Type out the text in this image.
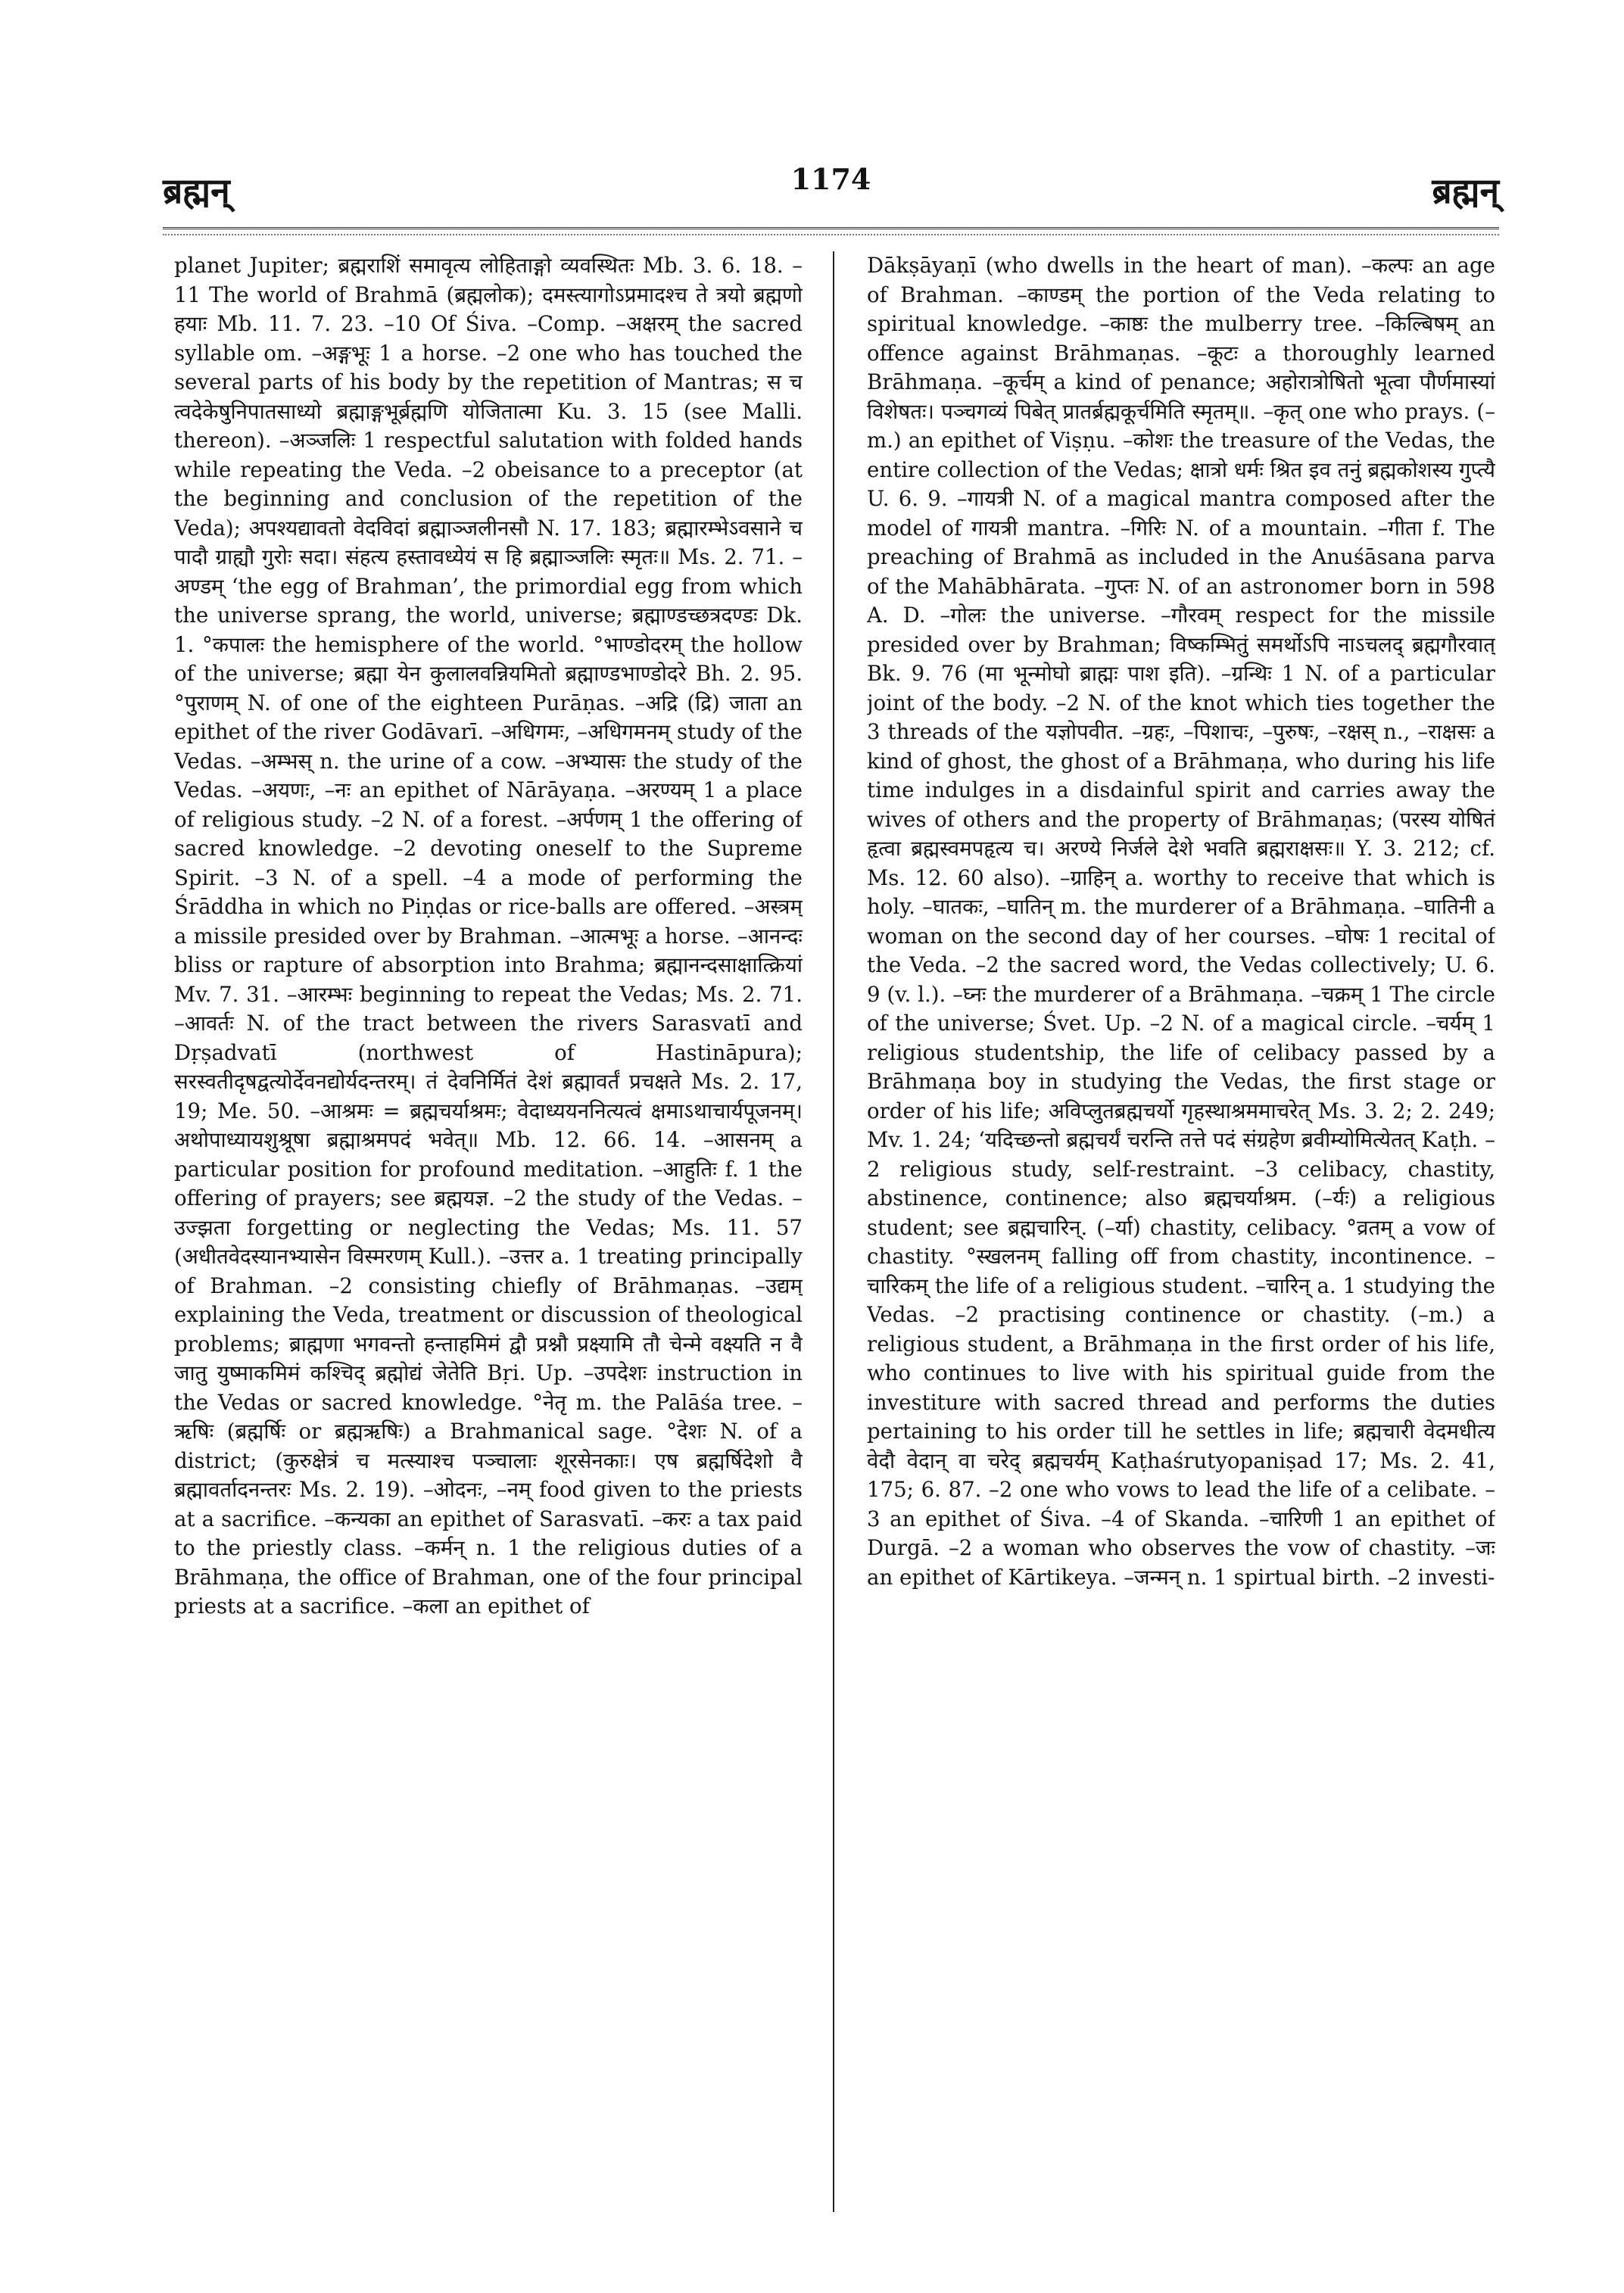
ब्रह्मन्	1174	ब्रह्मन्

planet Jupiter; ब्रह्मराशिं समावृत्य लोहिताङ्गो व्यवस्थितः Mb. 3. 6. 18. –11 The world of Brahmā (ब्रह्मलोक); दमस्त्यागोऽप्रमादश्च ते त्रयो ब्रह्मणो हयाः Mb. 11. 7. 23. –10 Of Śiva. –Comp. –अक्षरम् the sacred syllable om. –अङ्गभूः 1 a horse. –2 one who has touched the several parts of his body by the repetition of Mantras; स च त्वदेकेषुनिपातसाध्यो ब्रह्माङ्गभूर्ब्रह्मणि योजितात्मा Ku. 3. 15 (see Malli. thereon). –अञ्जलिः 1 respectful salutation with folded hands while repeating the Veda. –2 obeisance to a preceptor (at the beginning and conclusion of the repetition of the Veda); अपश्यद्यावतो वेदविदां ब्रह्माञ्जलीनसौ N. 17. 183; ब्रह्मारम्भेऽवसाने च पादौ ग्राह्यौ गुरोः सदा। संहत्य हस्तावध्येयं स हि ब्रह्माञ्जलिः स्मृतः॥ Ms. 2. 71. –अण्डम् ‘the egg of Brahman’, the primordial egg from which the universe sprang, the world, universe; ब्रह्माण्डच्छत्रदण्डः Dk. 1. °कपालः the hemisphere of the world. °भाण्डोदरम् the hollow of the universe; ब्रह्मा येन कुलालवन्नियमितो ब्रह्माण्डभाण्डोदरे Bh. 2. 95. °पुराणम् N. of one of the eighteen Purāṇas. –अद्रि (द्रि) जाता an epithet of the river Godāvarī. –अधिगमः, –अधिगमनम् study of the Vedas. –अम्भस् n. the urine of a cow. –अभ्यासः the study of the Vedas. –अयणः, –नः an epithet of Nārāyaṇa. –अरण्यम् 1 a place of religious study. –2 N. of a forest. –अर्पणम् 1 the offering of sacred knowledge. –2 devoting oneself to the Supreme Spirit. –3 N. of a spell. –4 a mode of performing the Śrāddha in which no Piṇḍas or rice-balls are offered. –अस्त्रम् a missile presided over by Brahman. –आत्मभूः a horse. –आनन्दः bliss or rapture of absorption into Brahma; ब्रह्मानन्दसाक्षात्क्रियां Mv. 7. 31. –आरम्भः beginning to repeat the Vedas; Ms. 2. 71. –आवर्तः N. of the tract between the rivers Sarasvatī and Dṛṣadvatī (northwest of Hastināpura); सरस्वतीदृषद्वत्योर्देवनद्योर्यदन्तरम्। तं देवनिर्मितं देशं ब्रह्मावर्तं प्रचक्षते Ms. 2. 17, 19; Me. 50. –आश्रमः = ब्रह्मचर्याश्रमः; वेदाध्ययननित्यत्वं क्षमाऽथाचार्यपूजनम्। अथोपाध्यायशुश्रूषा ब्रह्माश्रमपदं भवेत्॥ Mb. 12. 66. 14. –आसनम् a particular position for profound meditation. –आहुतिः f. 1 the offering of prayers; see ब्रह्मयज्ञ. –2 the study of the Vedas. –उज्झता forgetting or neglecting the Vedas; Ms. 11. 57 (अधीतवेदस्यानभ्यासेन विस्मरणम् Kull.). –उत्तर a. 1 treating principally of Brahman. –2 consisting chiefly of Brāhmaṇas. –उद्यम् explaining the Veda, treatment or discussion of theological problems; ब्राह्मणा भगवन्तो हन्ताहमिमं द्वौ प्रश्नौ प्रक्ष्यामि तौ चेन्मे वक्ष्यति न वै जातु युष्माकमिमं कश्चिद् ब्रह्मोद्यं जेतेति Bṛi. Up. –उपदेशः instruction in the Vedas or sacred knowledge. °नेतृ m. the Palāśa tree. –ऋषिः (ब्रह्मर्षिः or ब्रह्मऋषिः) a Brahmanical sage. °देशः N. of a district; (कुरुक्षेत्रं च मत्स्याश्च पञ्चालाः शूरसेनकाः। एष ब्रह्मर्षिदेशो वै ब्रह्मावर्तादनन्तरः Ms. 2. 19). –ओदनः, –नम् food given to the priests at a sacrifice. –कन्यका an epithet of Sarasvatī. –करः a tax paid to the priestly class. –कर्मन् n. 1 the religious duties of a Brāhmaṇa, the office of Brahman, one of the four principal priests at a sacrifice. –कला an epithet of

Dākṣāyaṇī (who dwells in the heart of man). –कल्पः an age of Brahman. –काण्डम् the portion of the Veda relating to spiritual knowledge. –काष्ठः the mulberry tree. –किल्बिषम् an offence against Brāhmaṇas. –कूटः a thoroughly learned Brāhmaṇa. –कूर्चम् a kind of penance; अहोरात्रोषितो भूत्वा पौर्णमास्यां विशेषतः। पञ्चगव्यं पिबेत् प्रातर्ब्रह्मकूर्चमिति स्मृतम्॥. –कृत् one who prays. (–m.) an epithet of Viṣṇu. –कोशः the treasure of the Vedas, the entire collection of the Vedas; क्षात्रो धर्मः श्रित इव तनुं ब्रह्मकोशस्य गुप्त्यै U. 6. 9. –गायत्री N. of a magical mantra composed after the model of गायत्री mantra. –गिरिः N. of a mountain. –गीता f. The preaching of Brahmā as included in the Anuśāsana parva of the Mahābhārata. –गुप्तः N. of an astronomer born in 598 A. D. –गोलः the universe. –गौरवम् respect for the missile presided over by Brahman; विष्कम्भितुं समर्थोऽपि नाऽचलद् ब्रह्मगौरवात् Bk. 9. 76 (मा भून्मोघो ब्राह्मः पाश इति). –ग्रन्थिः 1 N. of a particular joint of the body. –2 N. of the knot which ties together the 3 threads of the यज्ञोपवीत. –ग्रहः, –पिशाचः, –पुरुषः, –रक्षस् n., –राक्षसः a kind of ghost, the ghost of a Brāhmaṇa, who during his life time indulges in a disdainful spirit and carries away the wives of others and the property of Brāhmaṇas; (परस्य योषितं हृत्वा ब्रह्मस्वमपहृत्य च। अरण्ये निर्जले देशे भवति ब्रह्मराक्षसः॥ Y. 3. 212; cf. Ms. 12. 60 also). –ग्राहिन् a. worthy to receive that which is holy. –घातकः, –घातिन् m. the murderer of a Brāhmaṇa. –घातिनी a woman on the second day of her courses. –घोषः 1 recital of the Veda. –2 the sacred word, the Vedas collectively; U. 6. 9 (v. l.). –घ्नः the murderer of a Brāhmaṇa. –चक्रम् 1 The circle of the universe; Śvet. Up. –2 N. of a magical circle. –चर्यम् 1 religious studentship, the life of celibacy passed by a Brāhmaṇa boy in studying the Vedas, the first stage or order of his life; अविप्लुतब्रह्मचर्यो गृहस्थाश्रममाचरेत् Ms. 3. 2; 2. 249; Mv. 1. 24; ‘यदिच्छन्तो ब्रह्मचर्यं चरन्ति तत्ते पदं संग्रहेण ब्रवीम्योमित्येतत् Kaṭh. –2 religious study, self-restraint. –3 celibacy, chastity, abstinence, continence; also ब्रह्मचर्याश्रम. (–र्यः) a religious student; see ब्रह्मचारिन्. (–र्या) chastity, celibacy. °व्रतम् a vow of chastity. °स्खलनम् falling off from chastity, incontinence. –चारिकम् the life of a religious student. –चारिन् a. 1 studying the Vedas. –2 practising continence or chastity. (–m.) a religious student, a Brāhmaṇa in the first order of his life, who continues to live with his spiritual guide from the investiture with sacred thread and performs the duties pertaining to his order till he settles in life; ब्रह्मचारी वेदमधीत्य वेदौ वेदान् वा चरेद् ब्रह्मचर्यम् Kaṭhaśrutyopaniṣad 17; Ms. 2. 41, 175; 6. 87. –2 one who vows to lead the life of a celibate. –3 an epithet of Śiva. –4 of Skanda. –चारिणी 1 an epithet of Durgā. –2 a woman who observes the vow of chastity. –जः an epithet of Kārtikeya. –जन्मन् n. 1 spirtual birth. –2 investi-
